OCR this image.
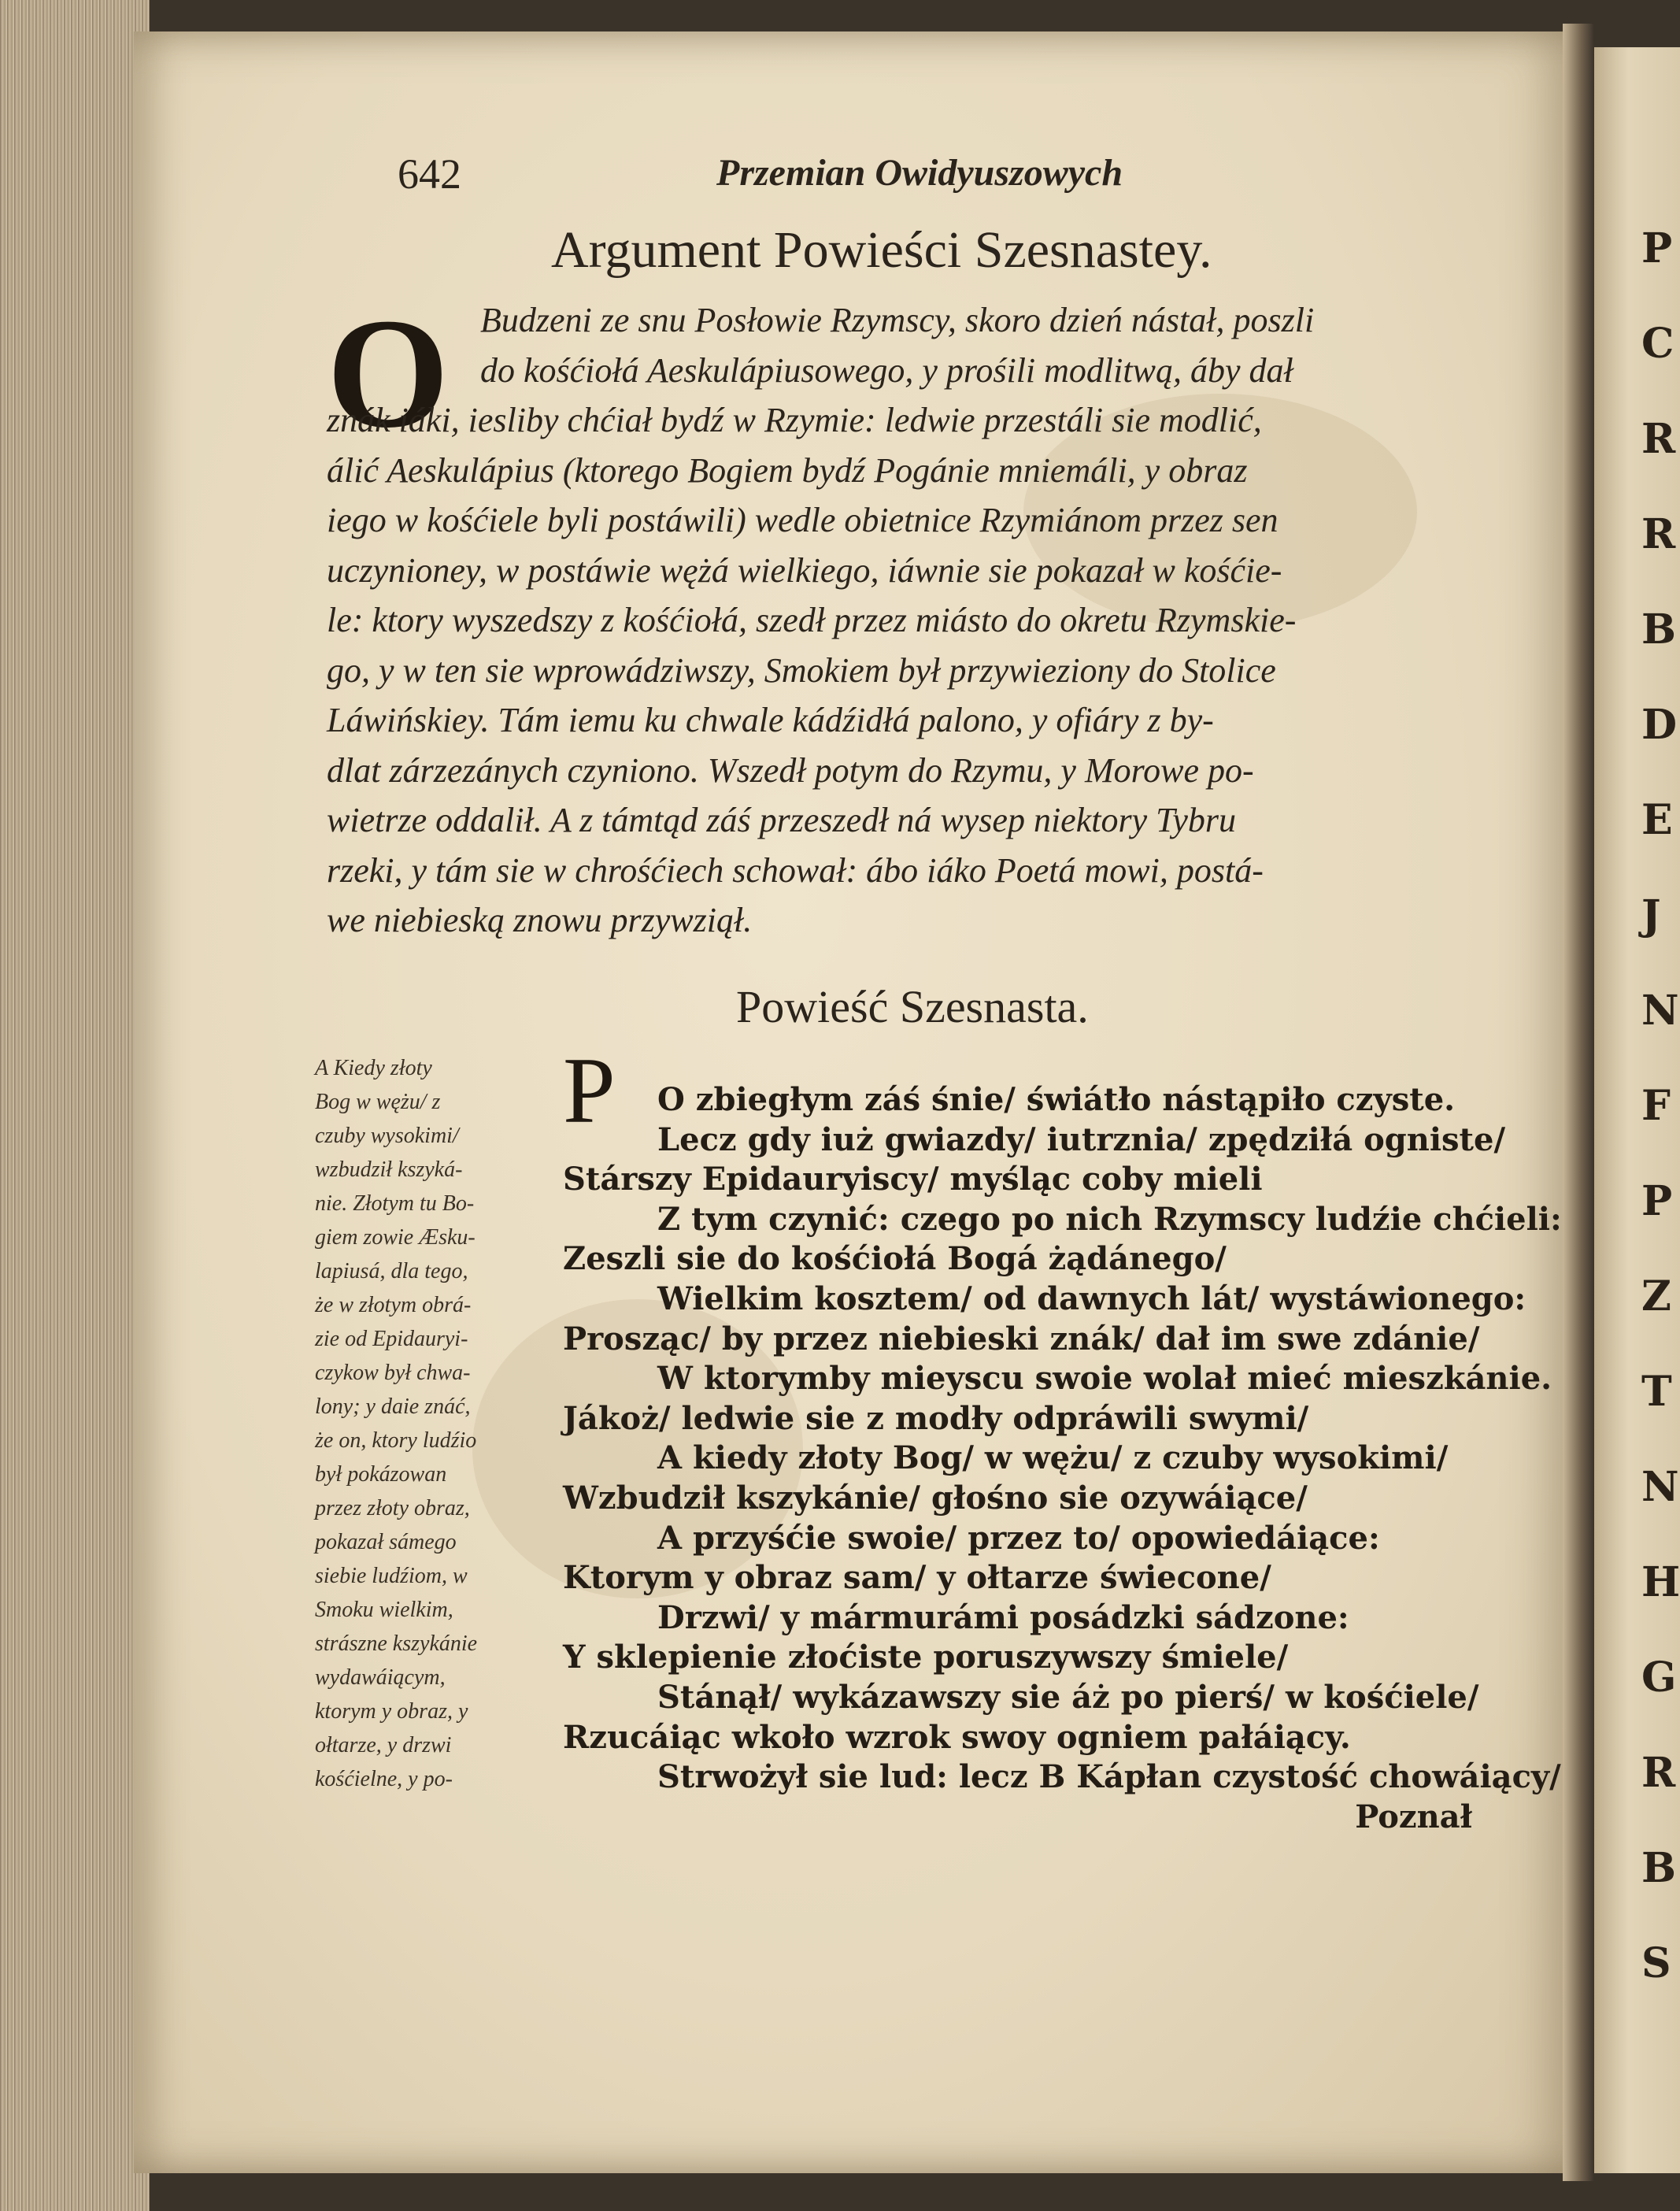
P
C
R
R
B
D
E
J
N
F
P
Z
T
N
H
G
R
B
S
642	Przemian Owidyuszowych
Argument Powieści Szesnastey.
O Budzeni ze snu Posłowie Rzymscy, skoro dzień nástał, poszli
do kośćiołá Aeskulápiusowego, y prośili modlitwą, áby dał
znák iáki, iesliby chćiał bydź w Rzymie: ledwie przestáli sie modlić,
álić Aeskulápius (ktorego Bogiem bydź Pogánie mniemáli, y obraz
iego w kośćiele byli postáwili) wedle obietnice Rzymiánom przez sen
uczynioney, w postáwie wężá wielkiego, iáwnie sie pokazał w kośćie-
le: ktory wyszedszy z kośćiołá, szedł przez miásto do okretu Rzymskie-
go, y w ten sie wprowádziwszy, Smokiem był przywieziony do Stolice
Láwińskiey. Tám iemu ku chwale kádźidłá palono, y ofiáry z by-
dlat zárzezánych czyniono. Wszedł potym do Rzymu, y Morowe po-
wietrze oddalił. A z támtąd záś przeszedł ná wysep niektory Tybru
rzeki, y tám sie w chrośćiech schował: ábo iáko Poetá mowi, postá-
we niebieską znowu przywziął.
Powieść Szesnasta.
A Kiedy złoty
Bog w wężu/ z
czuby wysokimi/
wzbudził kszyká-
nie. Złotym tu Bo-
giem zowie Æsku-
lapiusá, dla tego,
że w złotym obrá-
zie od Epidauryi-
czykow był chwa-
lony; y daie znáć,
że on, ktory ludźio
był pokázowan
przez złoty obraz,
pokazał sámego
siebie ludźiom, w
Smoku wielkim,
strászne kszykánie
wydawáiącym,
ktorym y obraz, y
ołtarze, y drzwi
kośćielne, y po-
P	O zbiegłym záś śnie/ świátło nástąpiło czyste.
Lecz gdy iuż gwiazdy/ iutrznia/ zpędziłá ogniste/
Stárszy Epidauryiscy/ myśląc coby mieli
Z tym czynić: czego po nich Rzymscy ludźie chćieli:
Zeszli sie do kośćiołá Bogá żądánego/
Wielkim kosztem/ od dawnych lát/ wystáwionego:
Prosząc/ by przez niebieski znák/ dał im swe zdánie/
W ktorymby mieyscu swoie wolał mieć mieszkánie.
Jákoż/ ledwie sie z modły odpráwili swymi/
A kiedy złoty Bog/ w wężu/ z czuby wysokimi/
Wzbudził kszykánie/ głośno sie ozywáiące/
A przyśćie swoie/ przez to/ opowiedáiące:
Ktorym y obraz sam/ y ołtarze świecone/
Drzwi/ y mármurámi posádzki sádzone:
Y sklepienie złoćiste poruszywszy śmiele/
Stánął/ wykázawszy sie áż po pierś/ w kośćiele/
Rzucáiąc wkoło wzrok swoy ogniem pałáiący.
Strwożył sie lud: lecz B Kápłan czystość chowáiący/
Poznał
